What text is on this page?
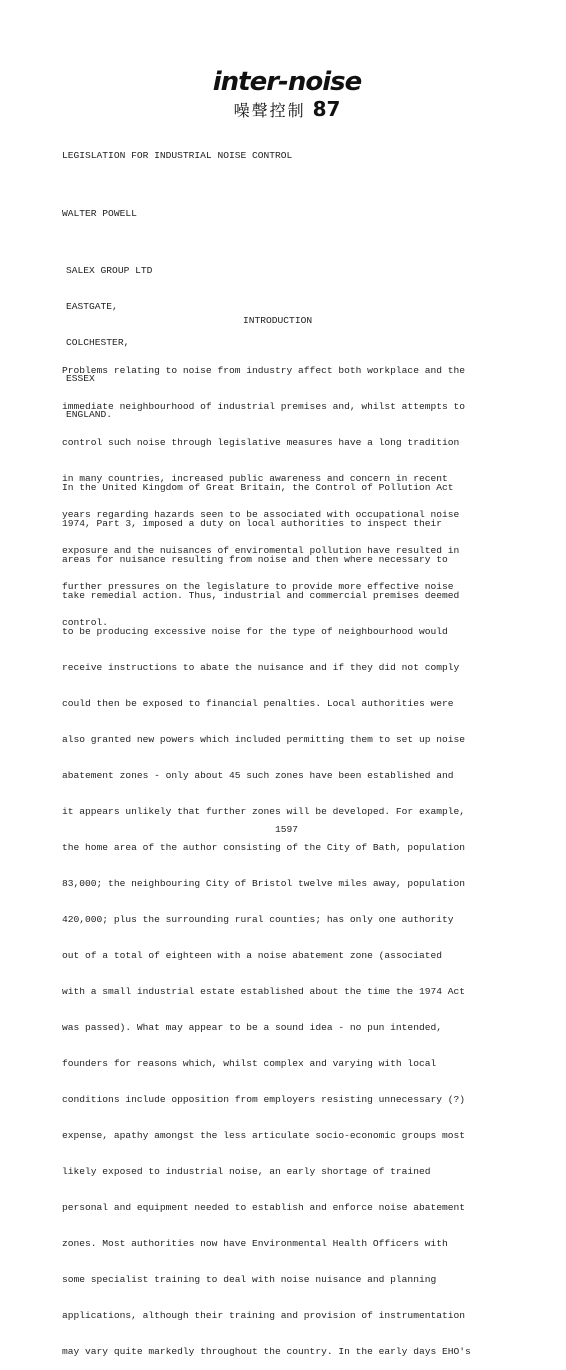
inter-noise
噪聲控制 87
LEGISLATION FOR INDUSTRIAL NOISE CONTROL
WALTER POWELL

SALEX GROUP LTD

EASTGATE,

COLCHESTER,

ESSEX

ENGLAND.

INTRODUCTION

Problems relating to noise from industry affect both workplace and the

immediate neighbourhood of industrial premises and, whilst attempts to

control such noise through legislative measures have a long tradition

in many countries, increased public awareness and concern in recent

years regarding hazards seen to be associated with occupational noise

exposure and the nuisances of enviromental pollution have resulted in

further pressures on the legislature to provide more effective noise

control.

In the United Kingdom of Great Britain, the Control of Pollution Act

1974, Part 3, imposed a duty on local authorities to inspect their

areas for nuisance resulting from noise and then where necessary to

take remedial action. Thus, industrial and commercial premises deemed

to be producing excessive noise for the type of neighbourhood would

receive instructions to abate the nuisance and if they did not comply

could then be exposed to financial penalties. Local authorities were

also granted new powers which included permitting them to set up noise

abatement zones - only about 45 such zones have been established and

it appears unlikely that further zones will be developed. For example,

the home area of the author consisting of the City of Bath, population

83,000; the neighbouring City of Bristol twelve miles away, population

420,000; plus the surrounding rural counties; has only one authority

out of a total of eighteen with a noise abatement zone (associated

with a small industrial estate established about the time the 1974 Act

was passed). What may appear to be a sound idea - no pun intended,

founders for reasons which, whilst complex and varying with local

conditions include opposition from employers resisting unnecessary (?)

expense, apathy amongst the less articulate socio-economic groups most

likely exposed to industrial noise, an early shortage of trained

personal and equipment needed to establish and enforce noise abatement

zones. Most authorities now have Environmental Health Officers with

some specialist training to deal with noise nuisance and planning

applications, although their training and provision of instrumentation

may vary quite markedly throughout the country. In the early days EHO's

1597
